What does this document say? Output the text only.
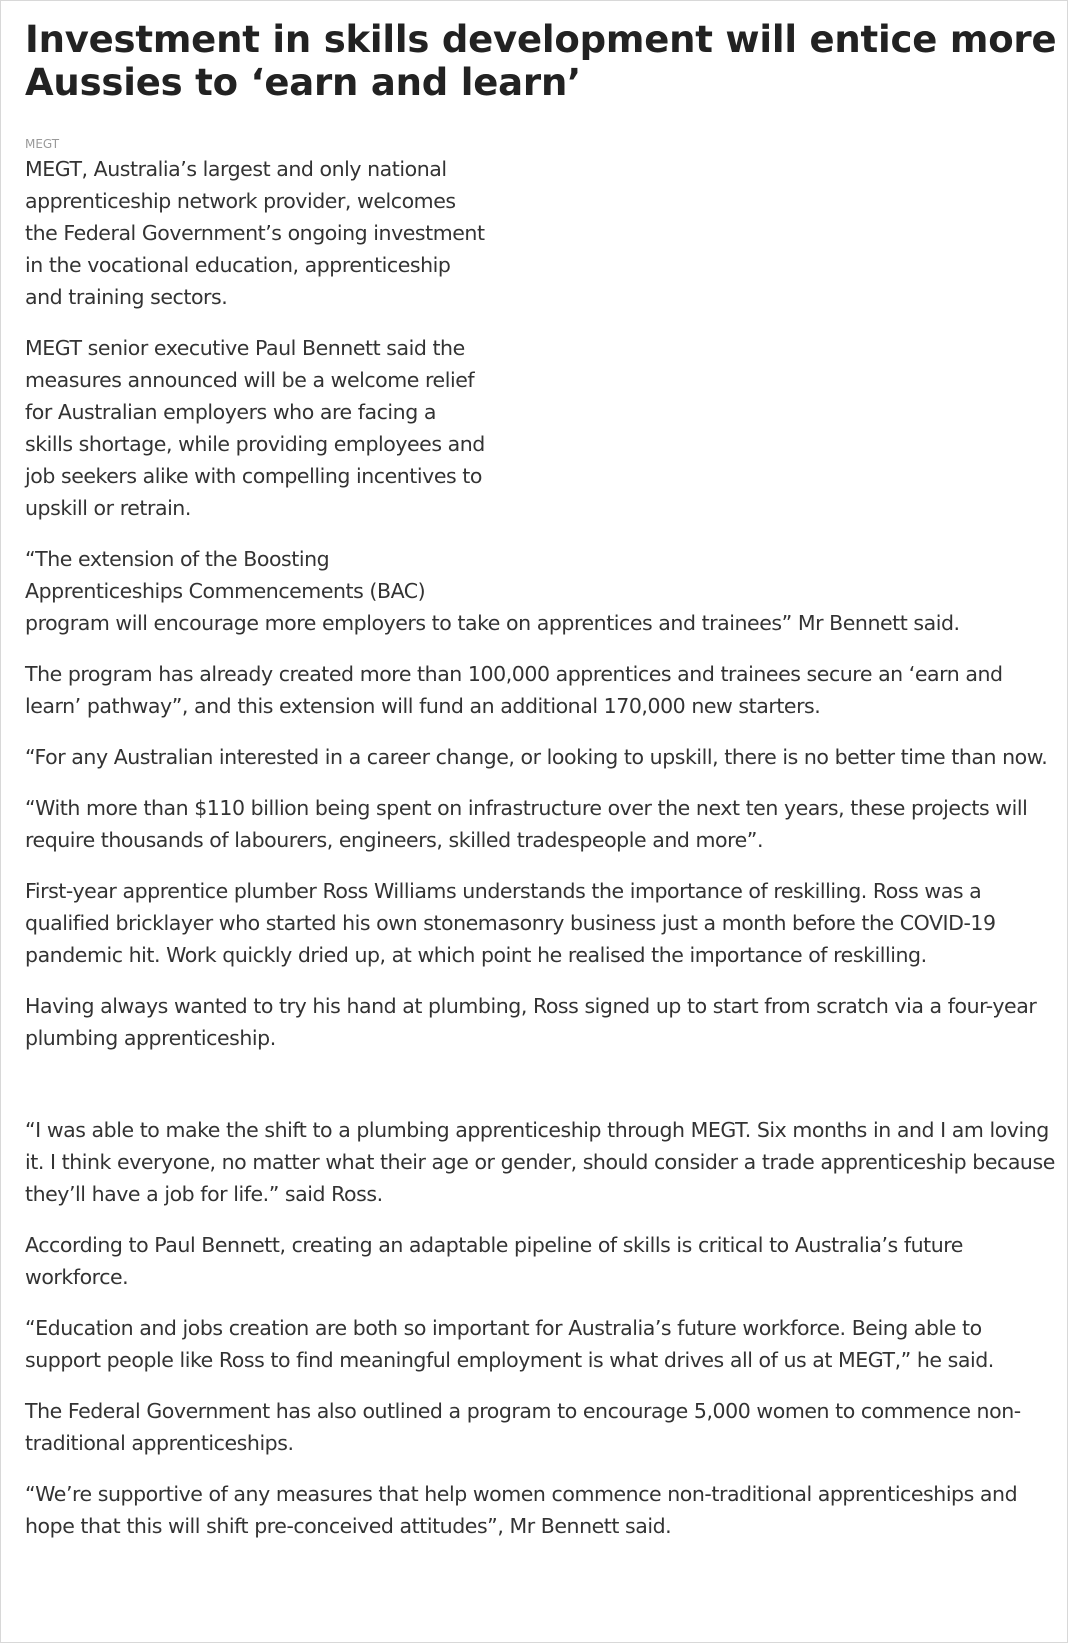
Investment in skills development will entice more Aussies to ‘earn and learn’
MEGT

MEGT, Australia’s largest and only national apprenticeship network provider, welcomes the Federal Government’s ongoing investment in the vocational education, apprenticeship and training sectors.

MEGT senior executive Paul Bennett said the measures announced will be a welcome relief for Australian employers who are facing a skills shortage, while providing employees and job seekers alike with compelling incentives to upskill or retrain.

“The extension of the Boosting Apprenticeships Commencements (BAC)
program will encourage more employers to take on apprentices and trainees” Mr Bennett said.

The program has already created more than 100,000 apprentices and trainees secure an ‘earn and learn’ pathway”, and this extension will fund an additional 170,000 new starters.

“For any Australian interested in a career change, or looking to upskill, there is no better time than now.

“With more than $110 billion being spent on infrastructure over the next ten years, these projects will require thousands of labourers, engineers, skilled tradespeople and more”.

First-year apprentice plumber Ross Williams understands the importance of reskilling. Ross was a qualified bricklayer who started his own stonemasonry business just a month before the COVID-19 pandemic hit. Work quickly dried up, at which point he realised the importance of reskilling.

Having always wanted to try his hand at plumbing, Ross signed up to start from scratch via a four-year plumbing apprenticeship.

“I was able to make the shift to a plumbing apprenticeship through MEGT. Six months in and I am loving it. I think everyone, no matter what their age or gender, should consider a trade apprenticeship because they’ll have a job for life.” said Ross.

According to Paul Bennett, creating an adaptable pipeline of skills is critical to Australia’s future workforce.

“Education and jobs creation are both so important for Australia’s future workforce. Being able to support people like Ross to find meaningful employment is what drives all of us at MEGT,” he said.

The Federal Government has also outlined a program to encourage 5,000 women to commence non-traditional apprenticeships.

“We’re supportive of any measures that help women commence non-traditional apprenticeships and hope that this will shift pre-conceived attitudes”, Mr Bennett said.
